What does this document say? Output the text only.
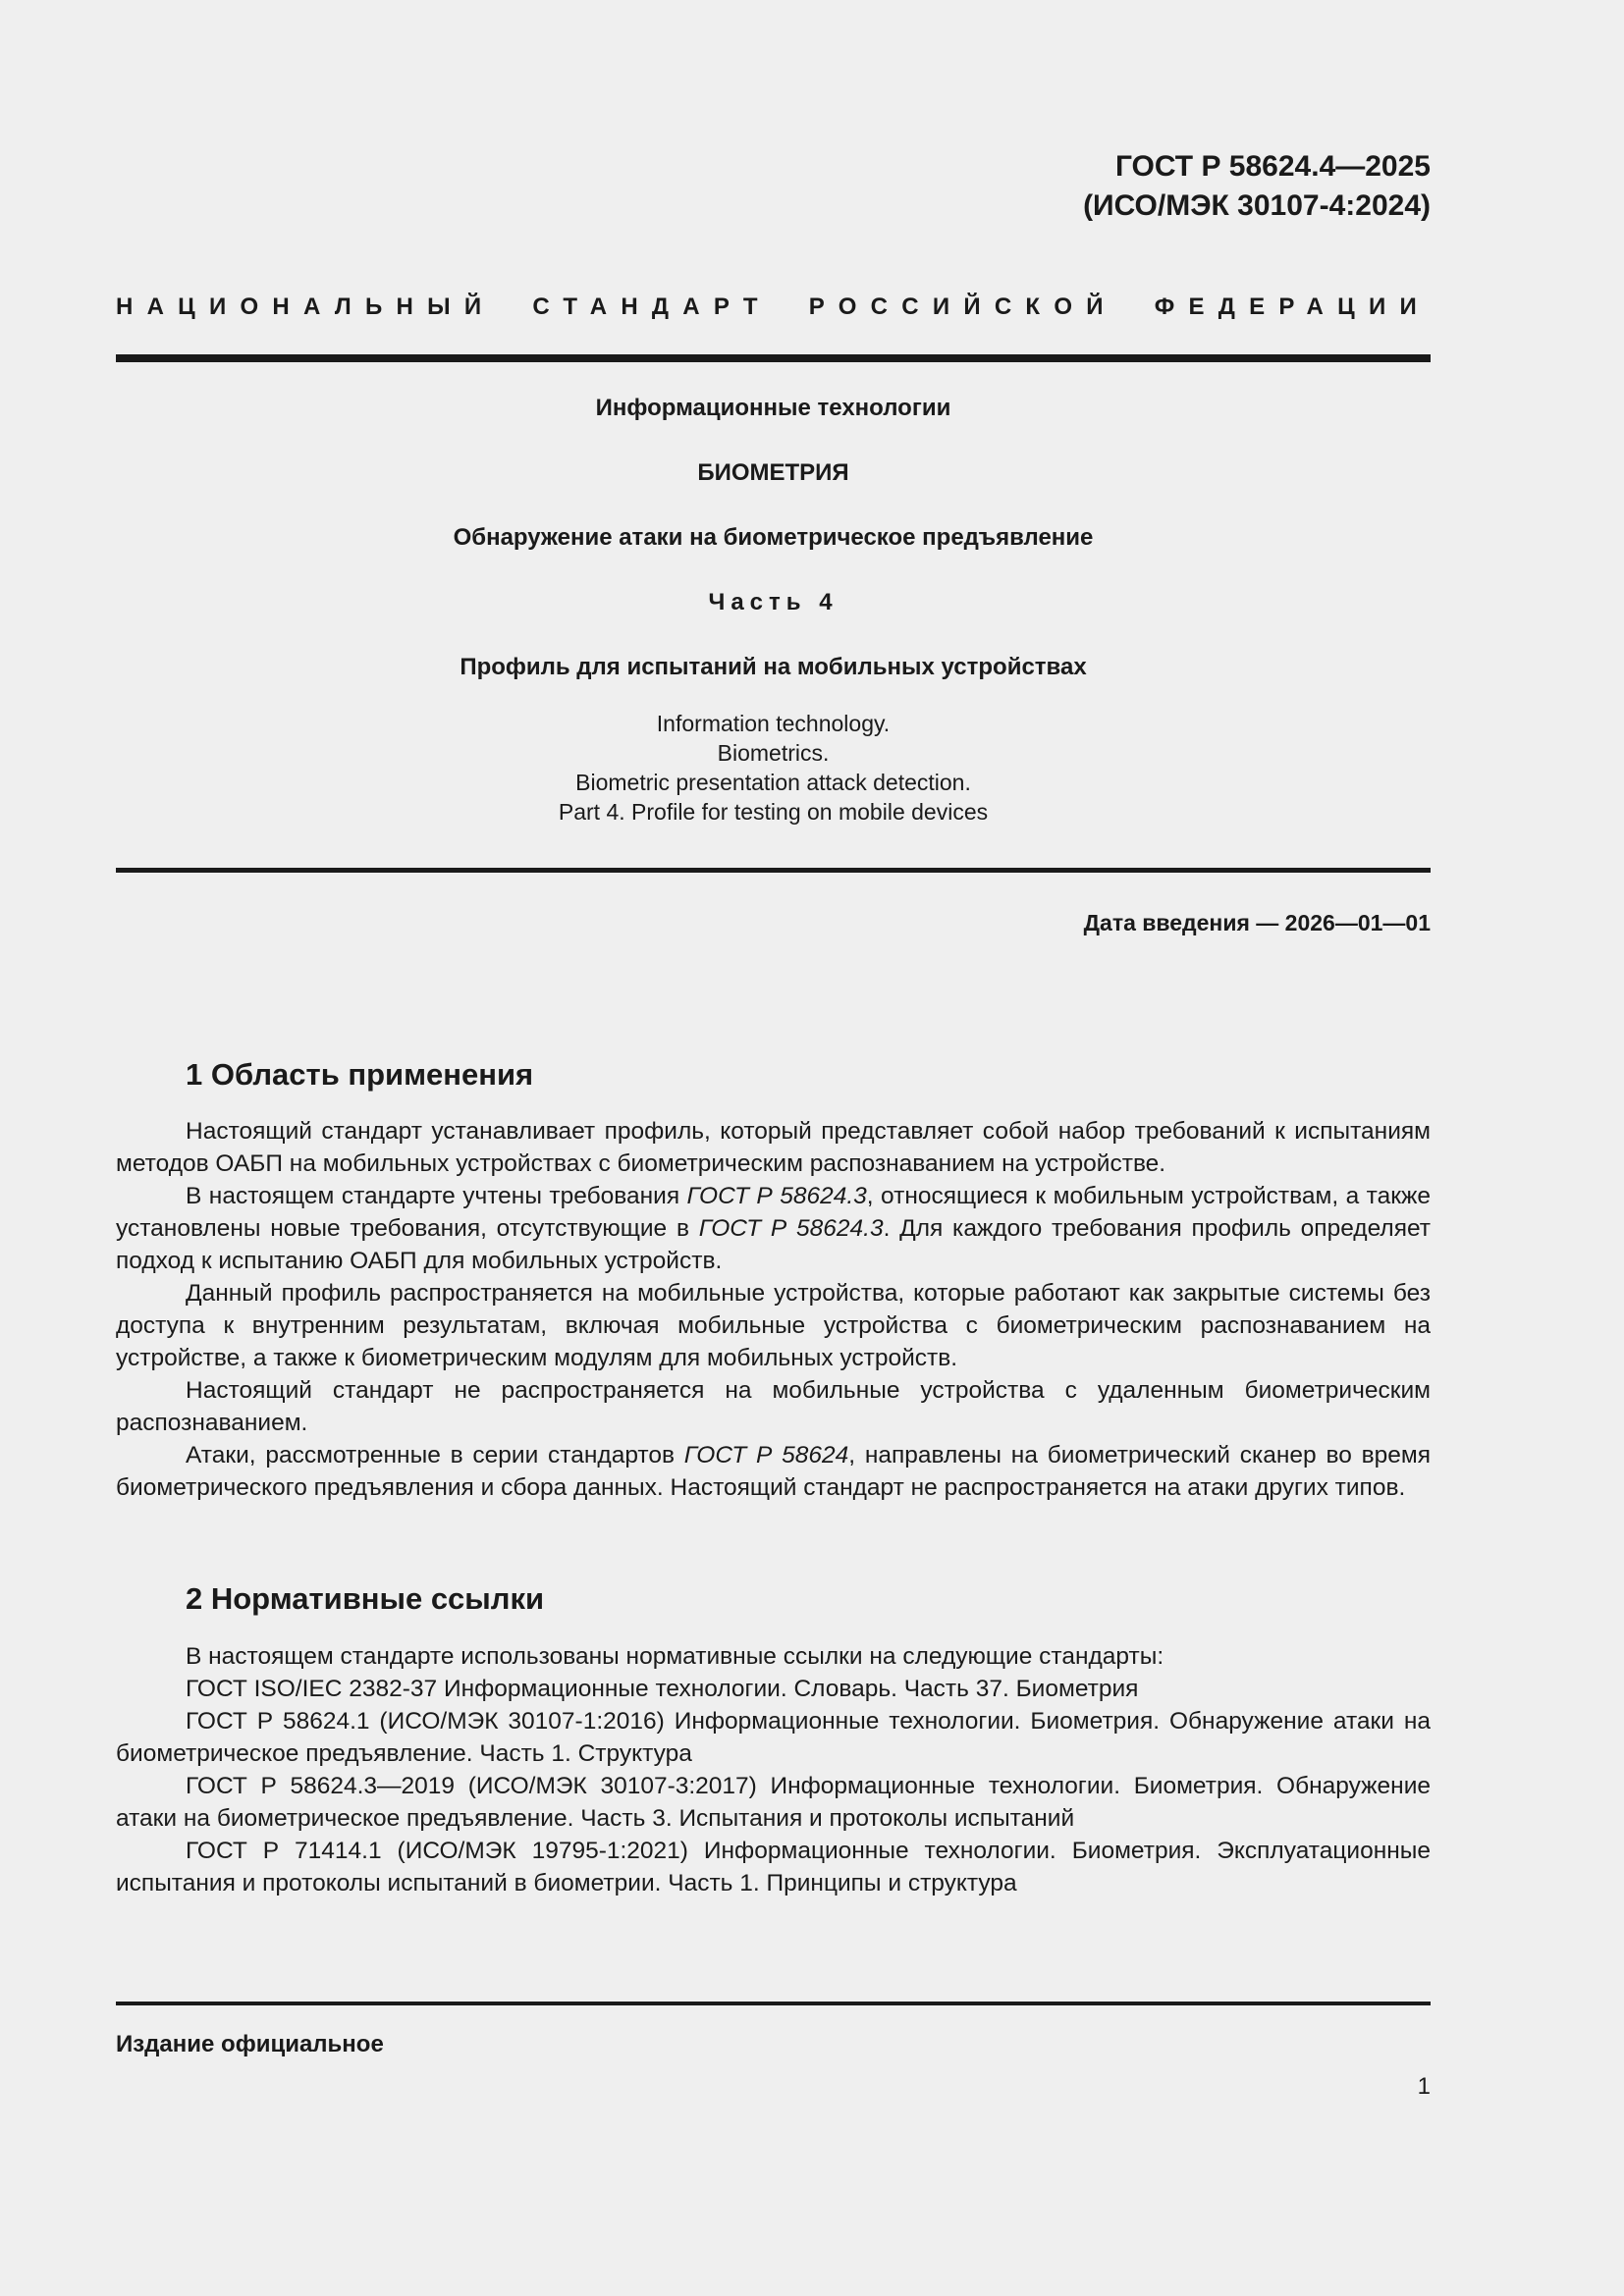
ГОСТ Р 58624.4—2025
(ИСО/МЭК 30107-4:2024)
НАЦИОНАЛЬНЫЙ СТАНДАРТ РОССИЙСКОЙ ФЕДЕРАЦИИ
Информационные технологии
БИОМЕТРИЯ
Обнаружение атаки на биометрическое предъявление
Часть 4
Профиль для испытаний на мобильных устройствах
Information technology.
Biometrics.
Biometric presentation attack detection.
Part 4. Profile for testing on mobile devices
Дата введения — 2026—01—01
1 Область применения

Настоящий стандарт устанавливает профиль, который представляет собой набор требований к испытаниям методов ОАБП на мобильных устройствах с биометрическим распознаванием на устройстве.

В настоящем стандарте учтены требования ГОСТ Р 58624.3, относящиеся к мобильным устройствам, а также установлены новые требования, отсутствующие в ГОСТ Р 58624.3. Для каждого требования профиль определяет подход к испытанию ОАБП для мобильных устройств.

Данный профиль распространяется на мобильные устройства, которые работают как закрытые системы без доступа к внутренним результатам, включая мобильные устройства с биометрическим распознаванием на устройстве, а также к биометрическим модулям для мобильных устройств.

Настоящий стандарт не распространяется на мобильные устройства с удаленным биометрическим распознаванием.

Атаки, рассмотренные в серии стандартов ГОСТ Р 58624, направлены на биометрический сканер во время биометрического предъявления и сбора данных. Настоящий стандарт не распространяется на атаки других типов.

2 Нормативные ссылки

В настоящем стандарте использованы нормативные ссылки на следующие стандарты:

ГОСТ ISO/IEC 2382-37 Информационные технологии. Словарь. Часть 37. Биометрия

ГОСТ Р 58624.1 (ИСО/МЭК 30107-1:2016) Информационные технологии. Биометрия. Обнаружение атаки на биометрическое предъявление. Часть 1. Структура

ГОСТ Р 58624.3—2019 (ИСО/МЭК 30107-3:2017) Информационные технологии. Биометрия. Обнаружение атаки на биометрическое предъявление. Часть 3. Испытания и протоколы испытаний

ГОСТ Р 71414.1 (ИСО/МЭК 19795-1:2021) Информационные технологии. Биометрия. Эксплуатационные испытания и протоколы испытаний в биометрии. Часть 1. Принципы и структура

Издание официальное
1
